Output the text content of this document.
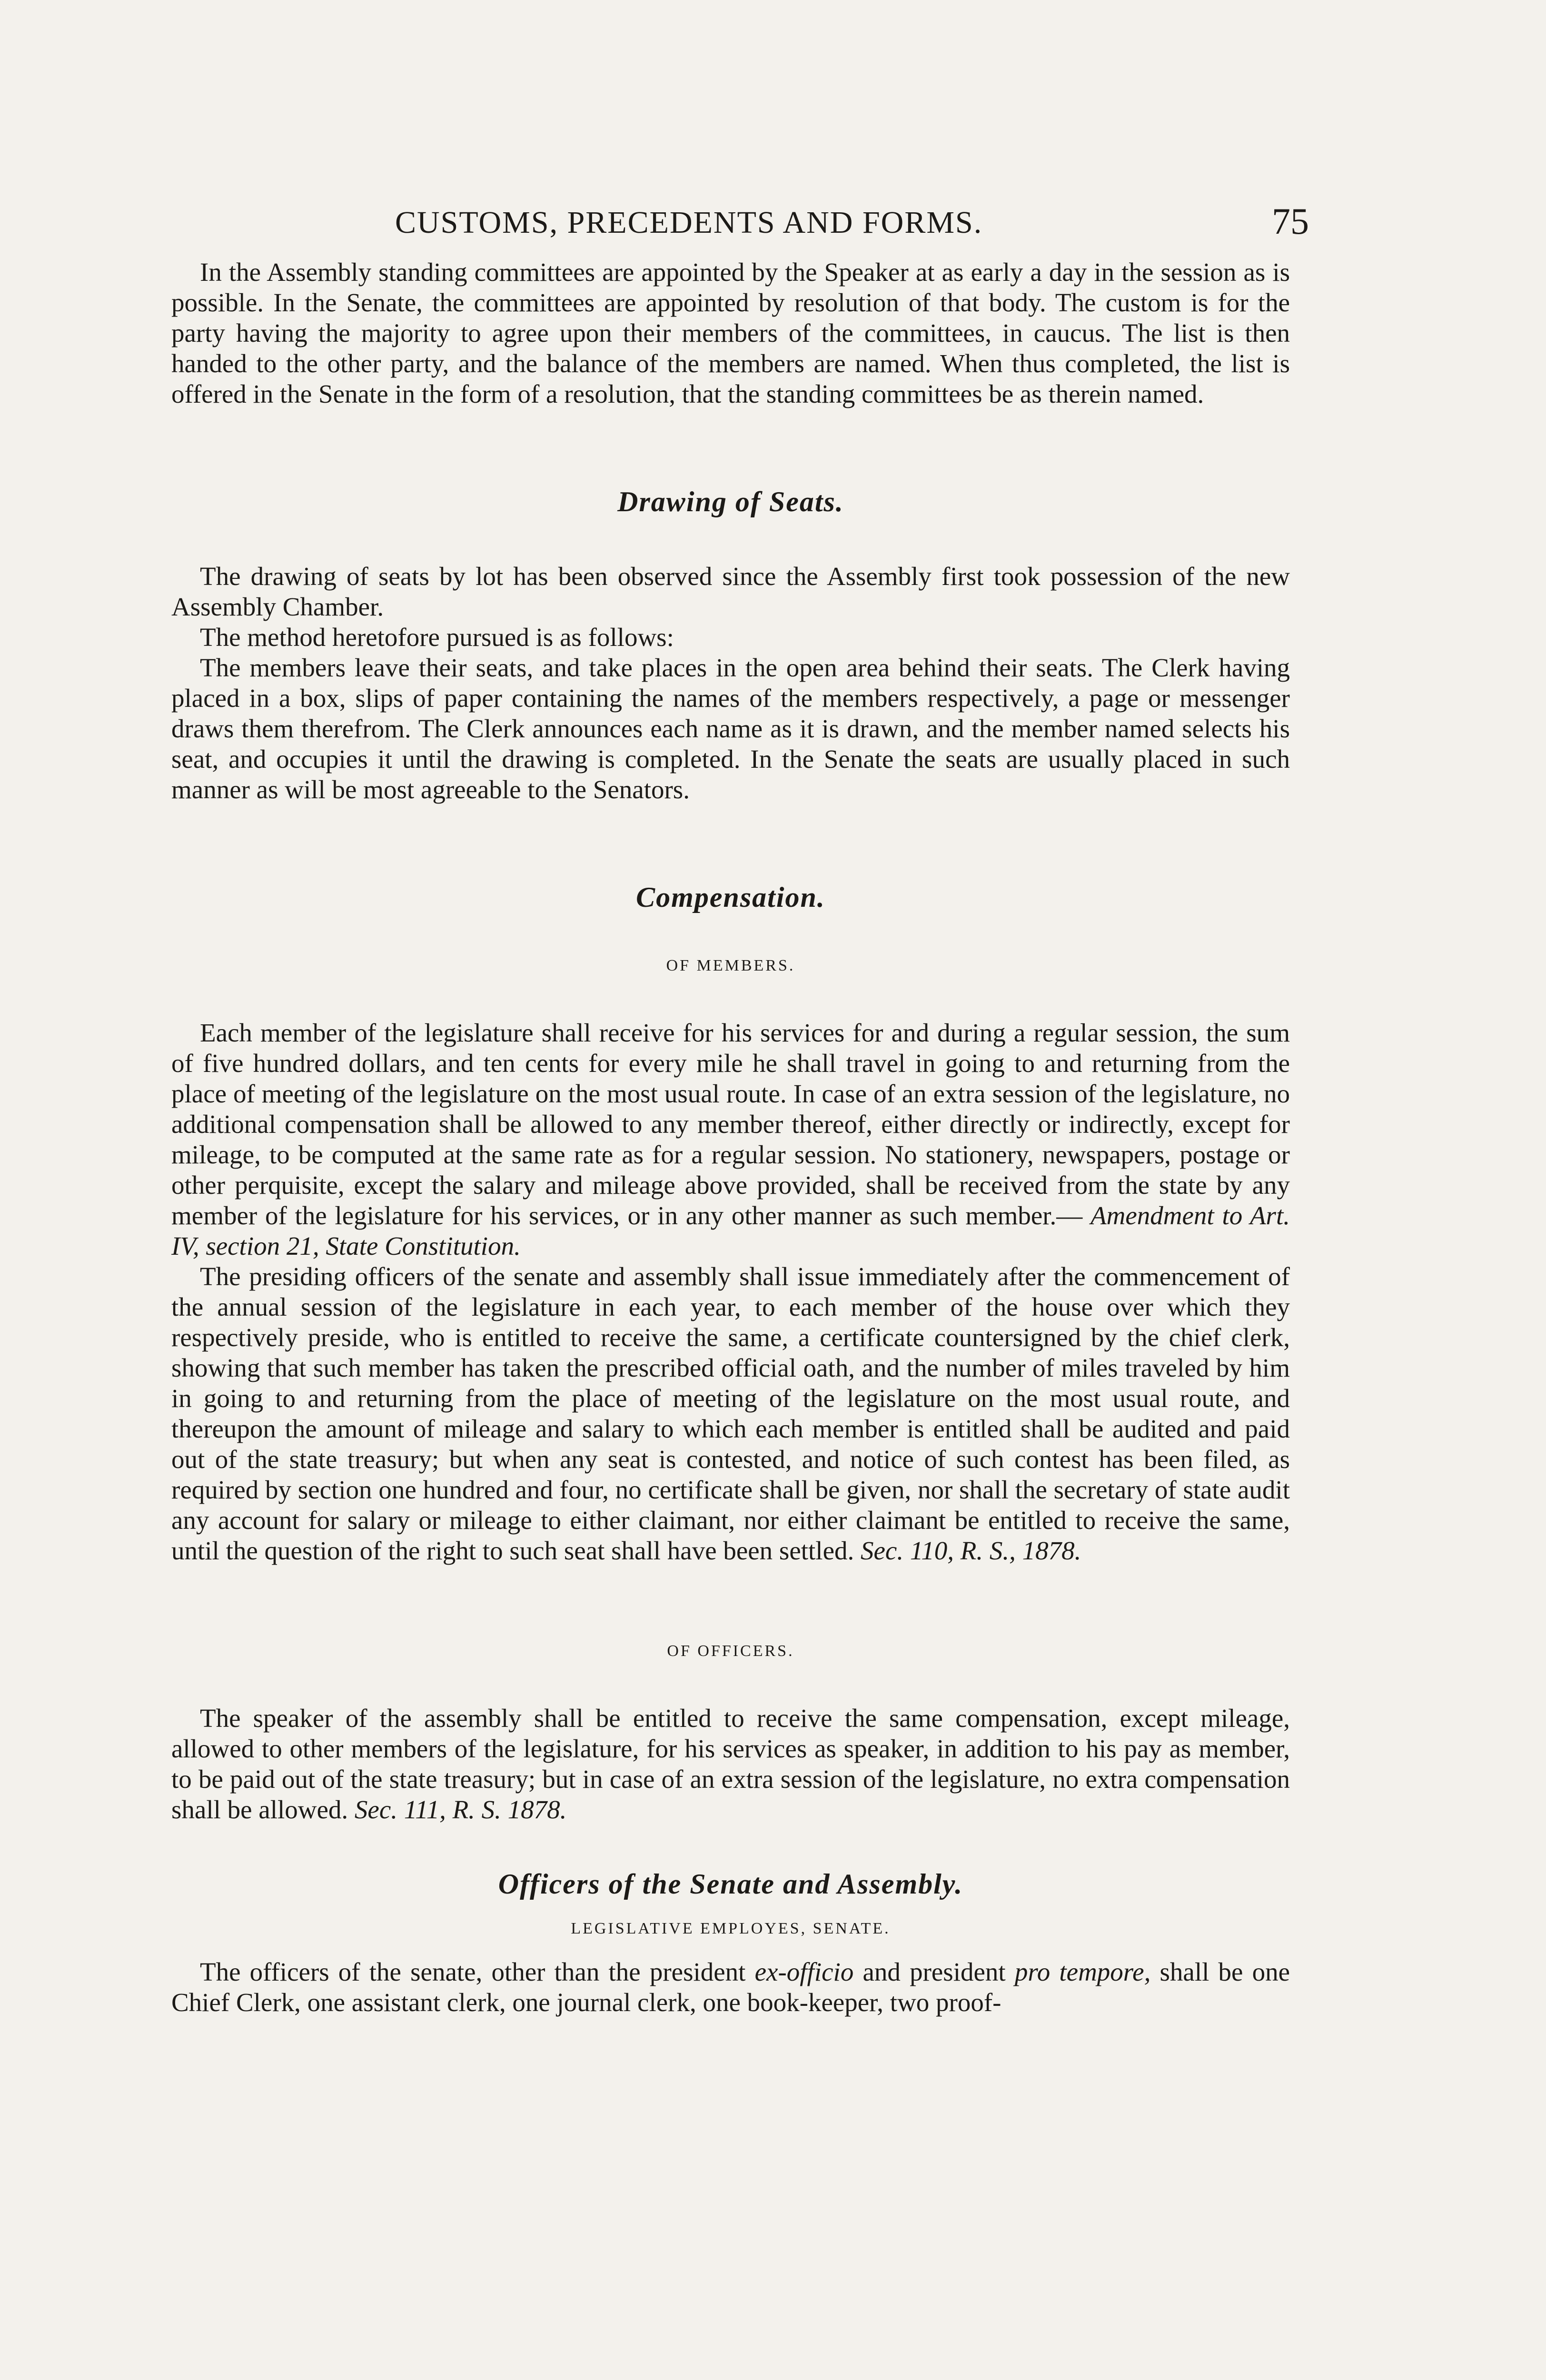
CUSTOMS, PRECEDENTS AND FORMS.	75

In the Assembly standing committees are appointed by the Speaker at as early a day in the session as is possible. In the Senate, the committees are appointed by resolution of that body. The custom is for the party having the majority to agree upon their members of the committees, in caucus. The list is then handed to the other party, and the balance of the members are named. When thus completed, the list is offered in the Senate in the form of a resolution, that the standing committees be as therein named.

Drawing of Seats.

The drawing of seats by lot has been observed since the Assembly first took possession of the new Assembly Chamber.

The method heretofore pursued is as follows:

The members leave their seats, and take places in the open area behind their seats. The Clerk having placed in a box, slips of paper containing the names of the members respectively, a page or messenger draws them therefrom. The Clerk announces each name as it is drawn, and the member named selects his seat, and occupies it until the drawing is completed. In the Senate the seats are usually placed in such manner as will be most agreeable to the Senators.

Compensation.
OF MEMBERS.

Each member of the legislature shall receive for his services for and during a regular session, the sum of five hundred dollars, and ten cents for every mile he shall travel in going to and returning from the place of meeting of the legislature on the most usual route. In case of an extra session of the legislature, no additional compensation shall be allowed to any member thereof, either directly or indirectly, except for mileage, to be computed at the same rate as for a regular session. No stationery, newspapers, postage or other perquisite, except the salary and mileage above provided, shall be received from the state by any member of the legislature for his services, or in any other manner as such member.— Amendment to Art. IV, section 21, State Constitution.

The presiding officers of the senate and assembly shall issue immediately after the commencement of the annual session of the legislature in each year, to each member of the house over which they respectively preside, who is entitled to receive the same, a certificate countersigned by the chief clerk, showing that such member has taken the prescribed official oath, and the number of miles traveled by him in going to and returning from the place of meeting of the legislature on the most usual route, and thereupon the amount of mileage and salary to which each member is entitled shall be audited and paid out of the state treasury; but when any seat is contested, and notice of such contest has been filed, as required by section one hundred and four, no certificate shall be given, nor shall the secretary of state audit any account for salary or mileage to either claimant, nor either claimant be entitled to receive the same, until the question of the right to such seat shall have been settled. Sec. 110, R. S., 1878.

OF OFFICERS.

The speaker of the assembly shall be entitled to receive the same compensation, except mileage, allowed to other members of the legislature, for his services as speaker, in addition to his pay as member, to be paid out of the state treasury; but in case of an extra session of the legislature, no extra compensation shall be allowed. Sec. 111, R. S. 1878.

Officers of the Senate and Assembly.
LEGISLATIVE EMPLOYES, SENATE.

The officers of the senate, other than the president ex-officio and president pro tempore, shall be one Chief Clerk, one assistant clerk, one journal clerk, one book-keeper, two proof-
